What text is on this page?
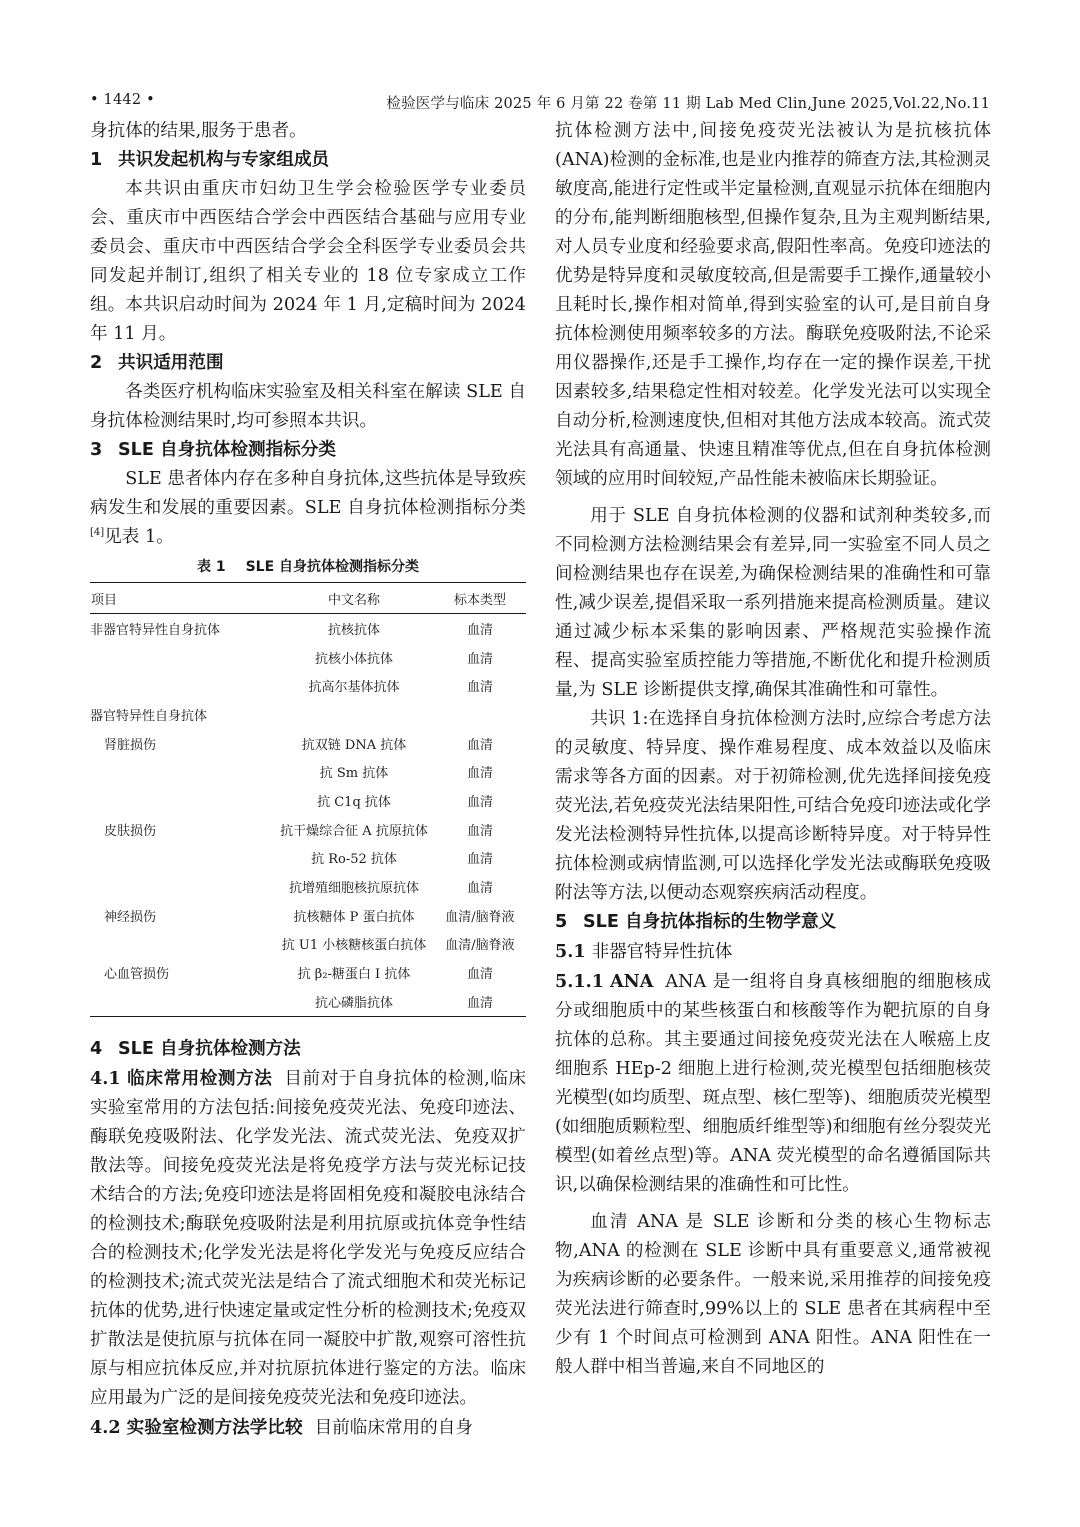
• 1442 •	检验医学与临床 2025 年 6 月第 22 卷第 11 期 Lab Med Clin,June 2025,Vol.22,No.11

身抗体的结果,服务于患者。

1 共识发起机构与专家组成员

本共识由重庆市妇幼卫生学会检验医学专业委员会、重庆市中西医结合学会中西医结合基础与应用专业委员会、重庆市中西医结合学会全科医学专业委员会共同发起并制订,组织了相关专业的 18 位专家成立工作组。本共识启动时间为 2024 年 1 月,定稿时间为 2024 年 11 月。

2 共识适用范围

各类医疗机构临床实验室及相关科室在解读 SLE 自身抗体检测结果时,均可参照本共识。

3 SLE 自身抗体检测指标分类

SLE 患者体内存在多种自身抗体,这些抗体是导致疾病发生和发展的重要因素。SLE 自身抗体检测指标分类[4]见表 1。

表 1 SLE 自身抗体检测指标分类
项目	中文名称	标本类型
非器官特异性自身抗体	抗核抗体	血清
	抗核小体抗体	血清
	抗高尔基体抗体	血清
器官特异性自身抗体		
肾脏损伤	抗双链 DNA 抗体	血清
	抗 Sm 抗体	血清
	抗 C1q 抗体	血清
皮肤损伤	抗干燥综合征 A 抗原抗体	血清
	抗 Ro-52 抗体	血清
	抗增殖细胞核抗原抗体	血清
神经损伤	抗核糖体 P 蛋白抗体	血清/脑脊液
	抗 U1 小核糖核蛋白抗体	血清/脑脊液
心血管损伤	抗 β₂-糖蛋白 Ⅰ 抗体	血清
	抗心磷脂抗体	血清
4 SLE 自身抗体检测方法

4.1 临床常用检测方法 目前对于自身抗体的检测,临床实验室常用的方法包括:间接免疫荧光法、免疫印迹法、酶联免疫吸附法、化学发光法、流式荧光法、免疫双扩散法等。间接免疫荧光法是将免疫学方法与荧光标记技术结合的方法;免疫印迹法是将固相免疫和凝胶电泳结合的检测技术;酶联免疫吸附法是利用抗原或抗体竞争性结合的检测技术;化学发光法是将化学发光与免疫反应结合的检测技术;流式荧光法是结合了流式细胞术和荧光标记抗体的优势,进行快速定量或定性分析的检测技术;免疫双扩散法是使抗原与抗体在同一凝胶中扩散,观察可溶性抗原与相应抗体反应,并对抗原抗体进行鉴定的方法。临床应用最为广泛的是间接免疫荧光法和免疫印迹法。

4.2 实验室检测方法学比较 目前临床常用的自身

抗体检测方法中,间接免疫荧光法被认为是抗核抗体(ANA)检测的金标准,也是业内推荐的筛查方法,其检测灵敏度高,能进行定性或半定量检测,直观显示抗体在细胞内的分布,能判断细胞核型,但操作复杂,且为主观判断结果,对人员专业度和经验要求高,假阳性率高。免疫印迹法的优势是特异度和灵敏度较高,但是需要手工操作,通量较小且耗时长,操作相对简单,得到实验室的认可,是目前自身抗体检测使用频率较多的方法。酶联免疫吸附法,不论采用仪器操作,还是手工操作,均存在一定的操作误差,干扰因素较多,结果稳定性相对较差。化学发光法可以实现全自动分析,检测速度快,但相对其他方法成本较高。流式荧光法具有高通量、快速且精准等优点,但在自身抗体检测领域的应用时间较短,产品性能未被临床长期验证。

用于 SLE 自身抗体检测的仪器和试剂种类较多,而不同检测方法检测结果会有差异,同一实验室不同人员之间检测结果也存在误差,为确保检测结果的准确性和可靠性,减少误差,提倡采取一系列措施来提高检测质量。建议通过减少标本采集的影响因素、严格规范实验操作流程、提高实验室质控能力等措施,不断优化和提升检测质量,为 SLE 诊断提供支撑,确保其准确性和可靠性。

共识 1:在选择自身抗体检测方法时,应综合考虑方法的灵敏度、特异度、操作难易程度、成本效益以及临床需求等各方面的因素。对于初筛检测,优先选择间接免疫荧光法,若免疫荧光法结果阳性,可结合免疫印迹法或化学发光法检测特异性抗体,以提高诊断特异度。对于特异性抗体检测或病情监测,可以选择化学发光法或酶联免疫吸附法等方法,以便动态观察疾病活动程度。

5 SLE 自身抗体指标的生物学意义

5.1 非器官特异性抗体

5.1.1 ANA ANA 是一组将自身真核细胞的细胞核成分或细胞质中的某些核蛋白和核酸等作为靶抗原的自身抗体的总称。其主要通过间接免疫荧光法在人喉癌上皮细胞系 HEp-2 细胞上进行检测,荧光模型包括细胞核荧光模型(如均质型、斑点型、核仁型等)、细胞质荧光模型(如细胞质颗粒型、细胞质纤维型等)和细胞有丝分裂荧光模型(如着丝点型)等。ANA 荧光模型的命名遵循国际共识,以确保检测结果的准确性和可比性。

血清 ANA 是 SLE 诊断和分类的核心生物标志物,ANA 的检测在 SLE 诊断中具有重要意义,通常被视为疾病诊断的必要条件。一般来说,采用推荐的间接免疫荧光法进行筛查时,99%以上的 SLE 患者在其病程中至少有 1 个时间点可检测到 ANA 阳性。ANA 阳性在一般人群中相当普遍,来自不同地区的
